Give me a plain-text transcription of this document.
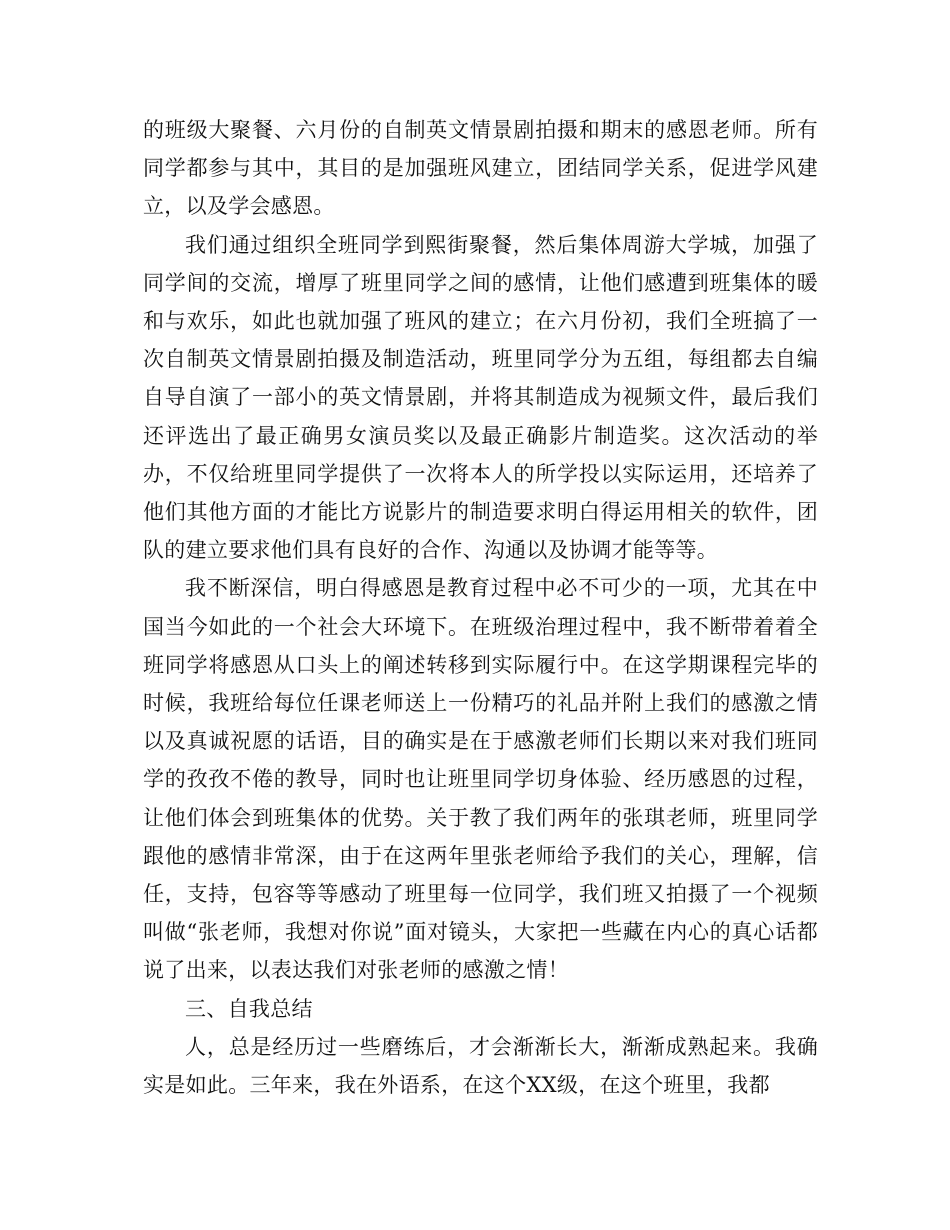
的班级大聚餐、六月份的自制英文情景剧拍摄和期末的感恩老师。所有同学都参与其中，其目的是加强班风建立，团结同学关系，促进学风建立，以及学会感恩。

我们通过组织全班同学到熙街聚餐，然后集体周游大学城，加强了同学间的交流，增厚了班里同学之间的感情，让他们感遭到班集体的暖和与欢乐，如此也就加强了班风的建立；在六月份初，我们全班搞了一次自制英文情景剧拍摄及制造活动，班里同学分为五组，每组都去自编自导自演了一部小的英文情景剧，并将其制造成为视频文件，最后我们还评选出了最正确男女演员奖以及最正确影片制造奖。这次活动的举办，不仅给班里同学提供了一次将本人的所学投以实际运用，还培养了他们其他方面的才能比方说影片的制造要求明白得运用相关的软件，团队的建立要求他们具有良好的合作、沟通以及协调才能等等。

我不断深信，明白得感恩是教育过程中必不可少的一项，尤其在中国当今如此的一个社会大环境下。在班级治理过程中，我不断带着着全班同学将感恩从口头上的阐述转移到实际履行中。在这学期课程完毕的时候，我班给每位任课老师送上一份精巧的礼品并附上我们的感激之情以及真诚祝愿的话语，目的确实是在于感激老师们长期以来对我们班同学的孜孜不倦的教导，同时也让班里同学切身体验、经历感恩的过程，让他们体会到班集体的优势。关于教了我们两年的张琪老师，班里同学跟他的感情非常深，由于在这两年里张老师给予我们的关心，理解，信任，支持，包容等等感动了班里每一位同学，我们班又拍摄了一个视频叫做“张老师，我想对你说”面对镜头，大家把一些藏在内心的真心话都说了出来，以表达我们对张老师的感激之情！

三、自我总结

人，总是经历过一些磨练后，才会渐渐长大，渐渐成熟起来。我确实是如此。三年来，我在外语系，在这个XX级，在这个班里，我都
